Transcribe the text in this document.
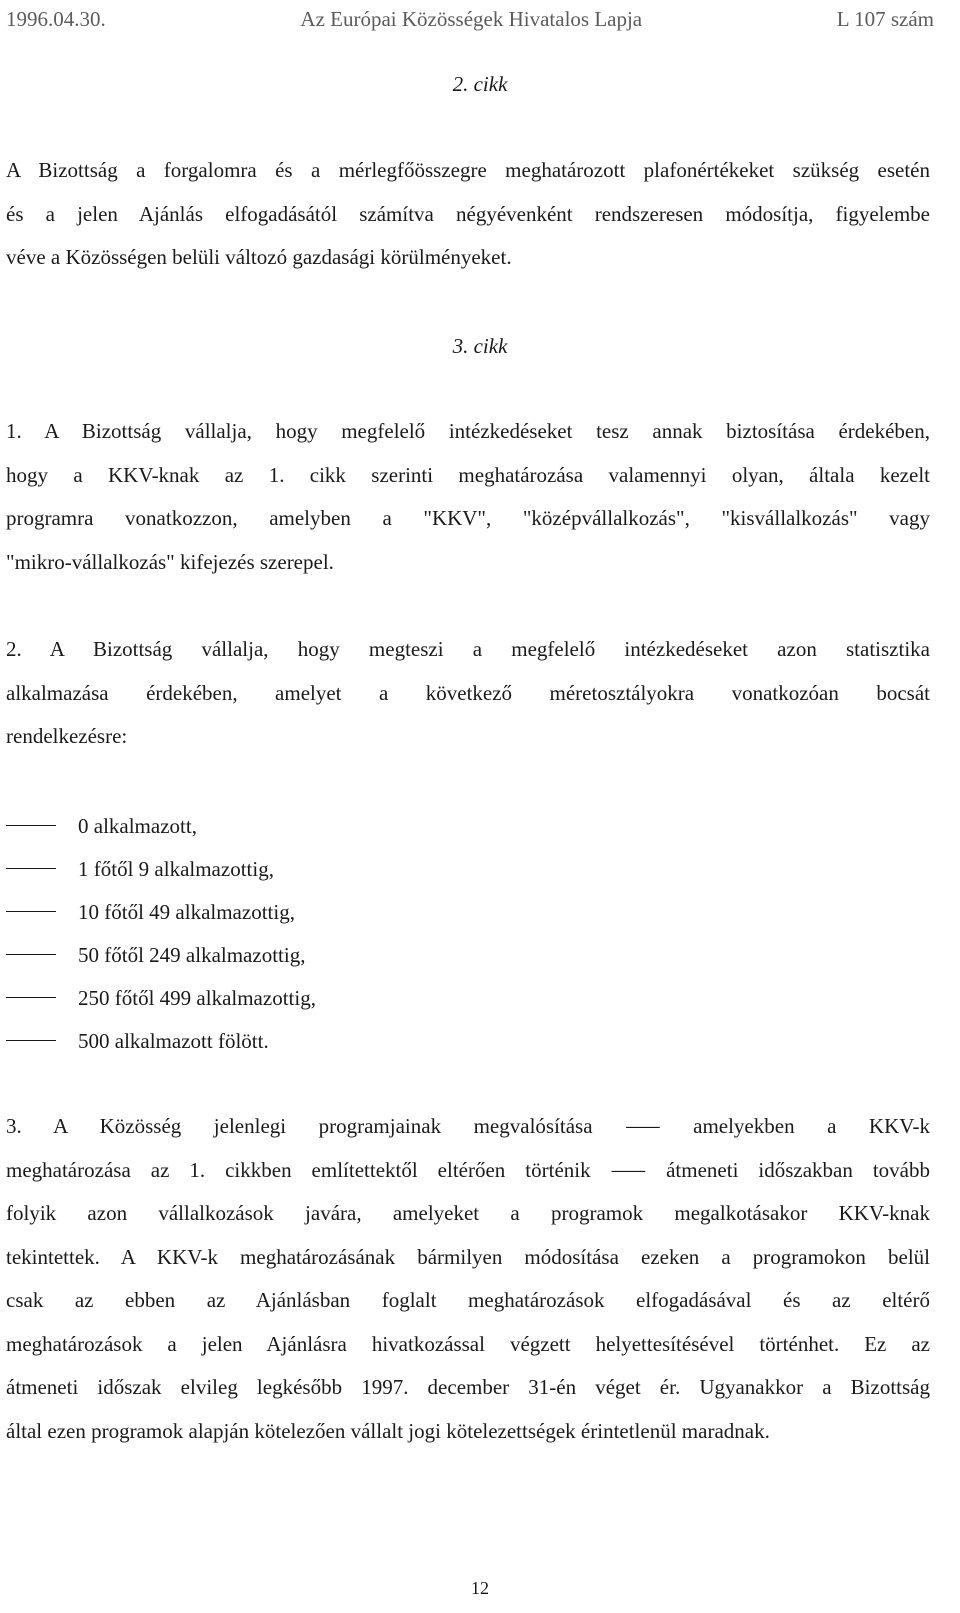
1996.04.30.	Az Európai Közösségek Hivatalos Lapja	L 107 szám
2. cikk
A Bizottság a forgalomra és a mérlegfőösszegre meghatározott plafonértékeket szükség esetén
és a jelen Ajánlás elfogadásától számítva négyévenként rendszeresen módosítja, figyelembe
véve a Közösségen belüli változó gazdasági körülményeket.
3. cikk
1. A Bizottság vállalja, hogy megfelelő intézkedéseket tesz annak biztosítása érdekében,
hogy a KKV-knak az 1. cikk szerinti meghatározása valamennyi olyan, általa kezelt
programra vonatkozzon, amelyben a "KKV", "középvállalkozás", "kisvállalkozás" vagy
"mikro-vállalkozás" kifejezés szerepel.
2. A Bizottság vállalja, hogy megteszi a megfelelő intézkedéseket azon statisztika
alkalmazása érdekében, amelyet a következő méretosztályokra vonatkozóan bocsát
rendelkezésre:
0 alkalmazott,
1 főtől 9 alkalmazottig,
10 főtől 49 alkalmazottig,
50 főtől 249 alkalmazottig,
250 főtől 499 alkalmazottig,
500 alkalmazott fölött.
3. A Közösség jelenlegi programjainak megvalósítása ⸺ amelyekben a KKV-k
meghatározása az 1. cikkben említettektől eltérően történik ⸺ átmeneti időszakban tovább
folyik azon vállalkozások javára, amelyeket a programok megalkotásakor KKV-knak
tekintettek. A KKV-k meghatározásának bármilyen módosítása ezeken a programokon belül
csak az ebben az Ajánlásban foglalt meghatározások elfogadásával és az eltérő
meghatározások a jelen Ajánlásra hivatkozással végzett helyettesítésével történhet. Ez az
átmeneti időszak elvileg legkésőbb 1997. december 31-én véget ér. Ugyanakkor a Bizottság
által ezen programok alapján kötelezően vállalt jogi kötelezettségek érintetlenül maradnak.
12
